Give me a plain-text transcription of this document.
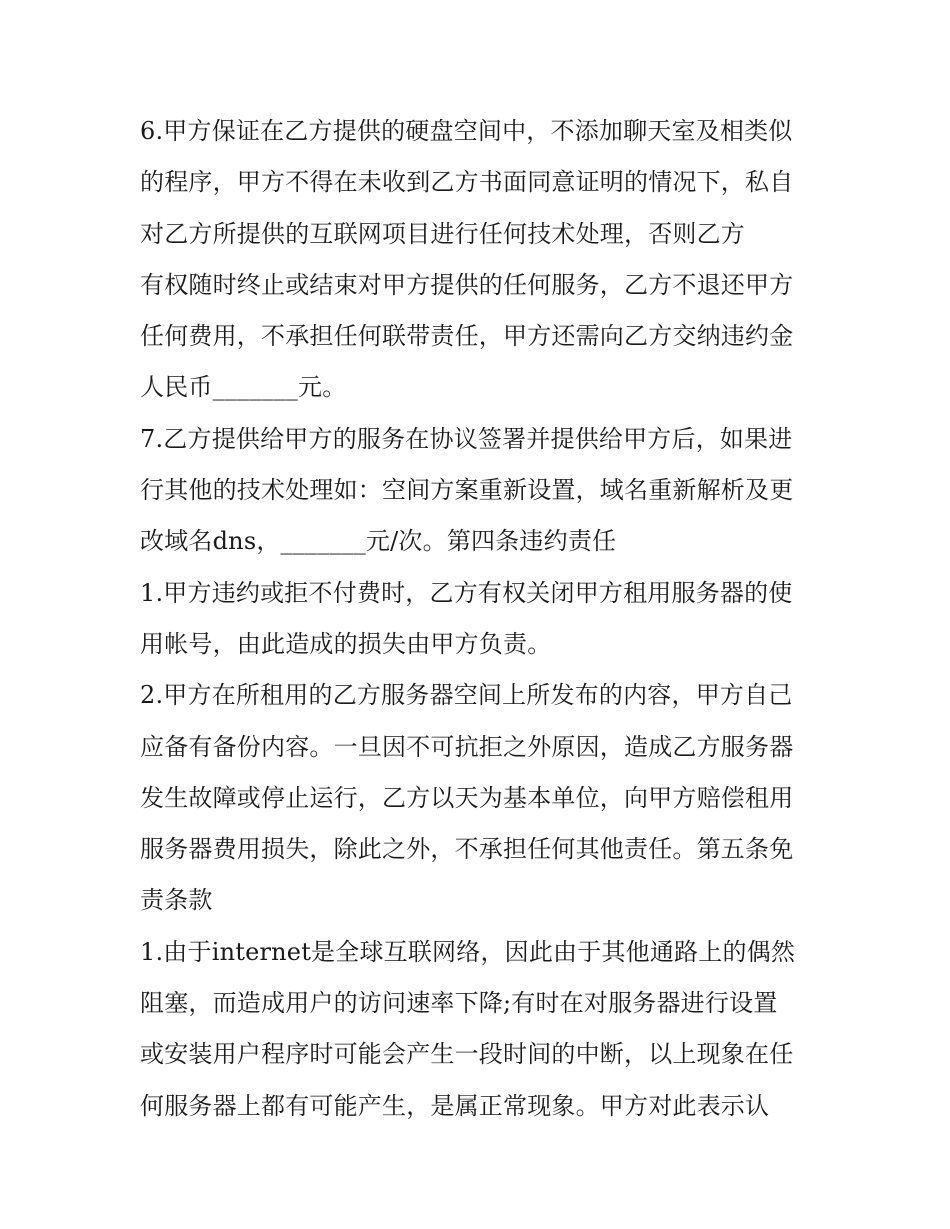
6.甲方保证在乙方提供的硬盘空间中，不添加聊天室及相类似
的程序，甲方不得在未收到乙方书面同意证明的情况下，私自
对乙方所提供的互联网项目进行任何技术处理，否则乙方
有权随时终止或结束对甲方提供的任何服务，乙方不退还甲方
任何费用，不承担任何联带责任，甲方还需向乙方交纳违约金
人民币_______元。
7.乙方提供给甲方的服务在协议签署并提供给甲方后，如果进
行其他的技术处理如：空间方案重新设置，域名重新解析及更
改域名dns，_______元/次。第四条违约责任
1.甲方违约或拒不付费时，乙方有权关闭甲方租用服务器的使
用帐号，由此造成的损失由甲方负责。
2.甲方在所租用的乙方服务器空间上所发布的内容，甲方自己
应备有备份内容。一旦因不可抗拒之外原因，造成乙方服务器
发生故障或停止运行，乙方以天为基本单位，向甲方赔偿租用
服务器费用损失，除此之外，不承担任何其他责任。第五条免
责条款
1.由于internet是全球互联网络，因此由于其他通路上的偶然
阻塞，而造成用户的访问速率下降;有时在对服务器进行设置
或安装用户程序时可能会产生一段时间的中断，以上现象在任
何服务器上都有可能产生，是属正常现象。甲方对此表示认
